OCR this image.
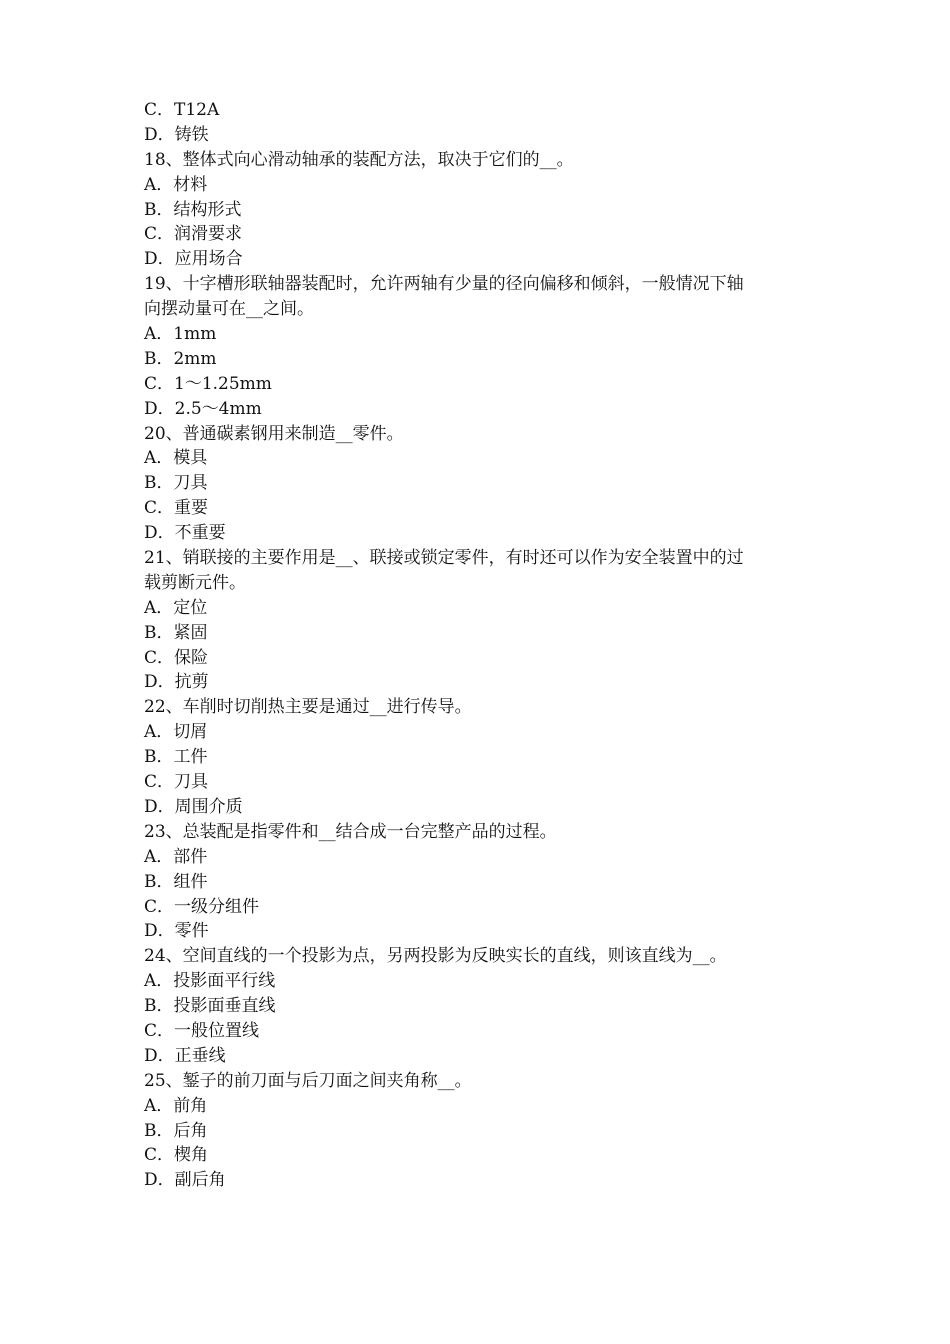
C．T12A

D．铸铁

18、整体式向心滑动轴承的装配方法，取决于它们的__。

A．材料

B．结构形式

C．润滑要求

D．应用场合

19、十字槽形联轴器装配时，允许两轴有少量的径向偏移和倾斜，一般情况下轴

向摆动量可在__之间。

A．1mm

B．2mm

C．1～1.25mm

D．2.5～4mm

20、普通碳素钢用来制造__零件。

A．模具

B．刀具

C．重要

D．不重要

21、销联接的主要作用是__、联接或锁定零件，有时还可以作为安全装置中的过

载剪断元件。

A．定位

B．紧固

C．保险

D．抗剪

22、车削时切削热主要是通过__进行传导。

A．切屑

B．工件

C．刀具

D．周围介质

23、总装配是指零件和__结合成一台完整产品的过程。

A．部件

B．组件

C．一级分组件

D．零件

24、空间直线的一个投影为点，另两投影为反映实长的直线，则该直线为__。

A．投影面平行线

B．投影面垂直线

C．一般位置线

D．正垂线

25、錾子的前刀面与后刀面之间夹角称__。

A．前角

B．后角

C．楔角

D．副后角
